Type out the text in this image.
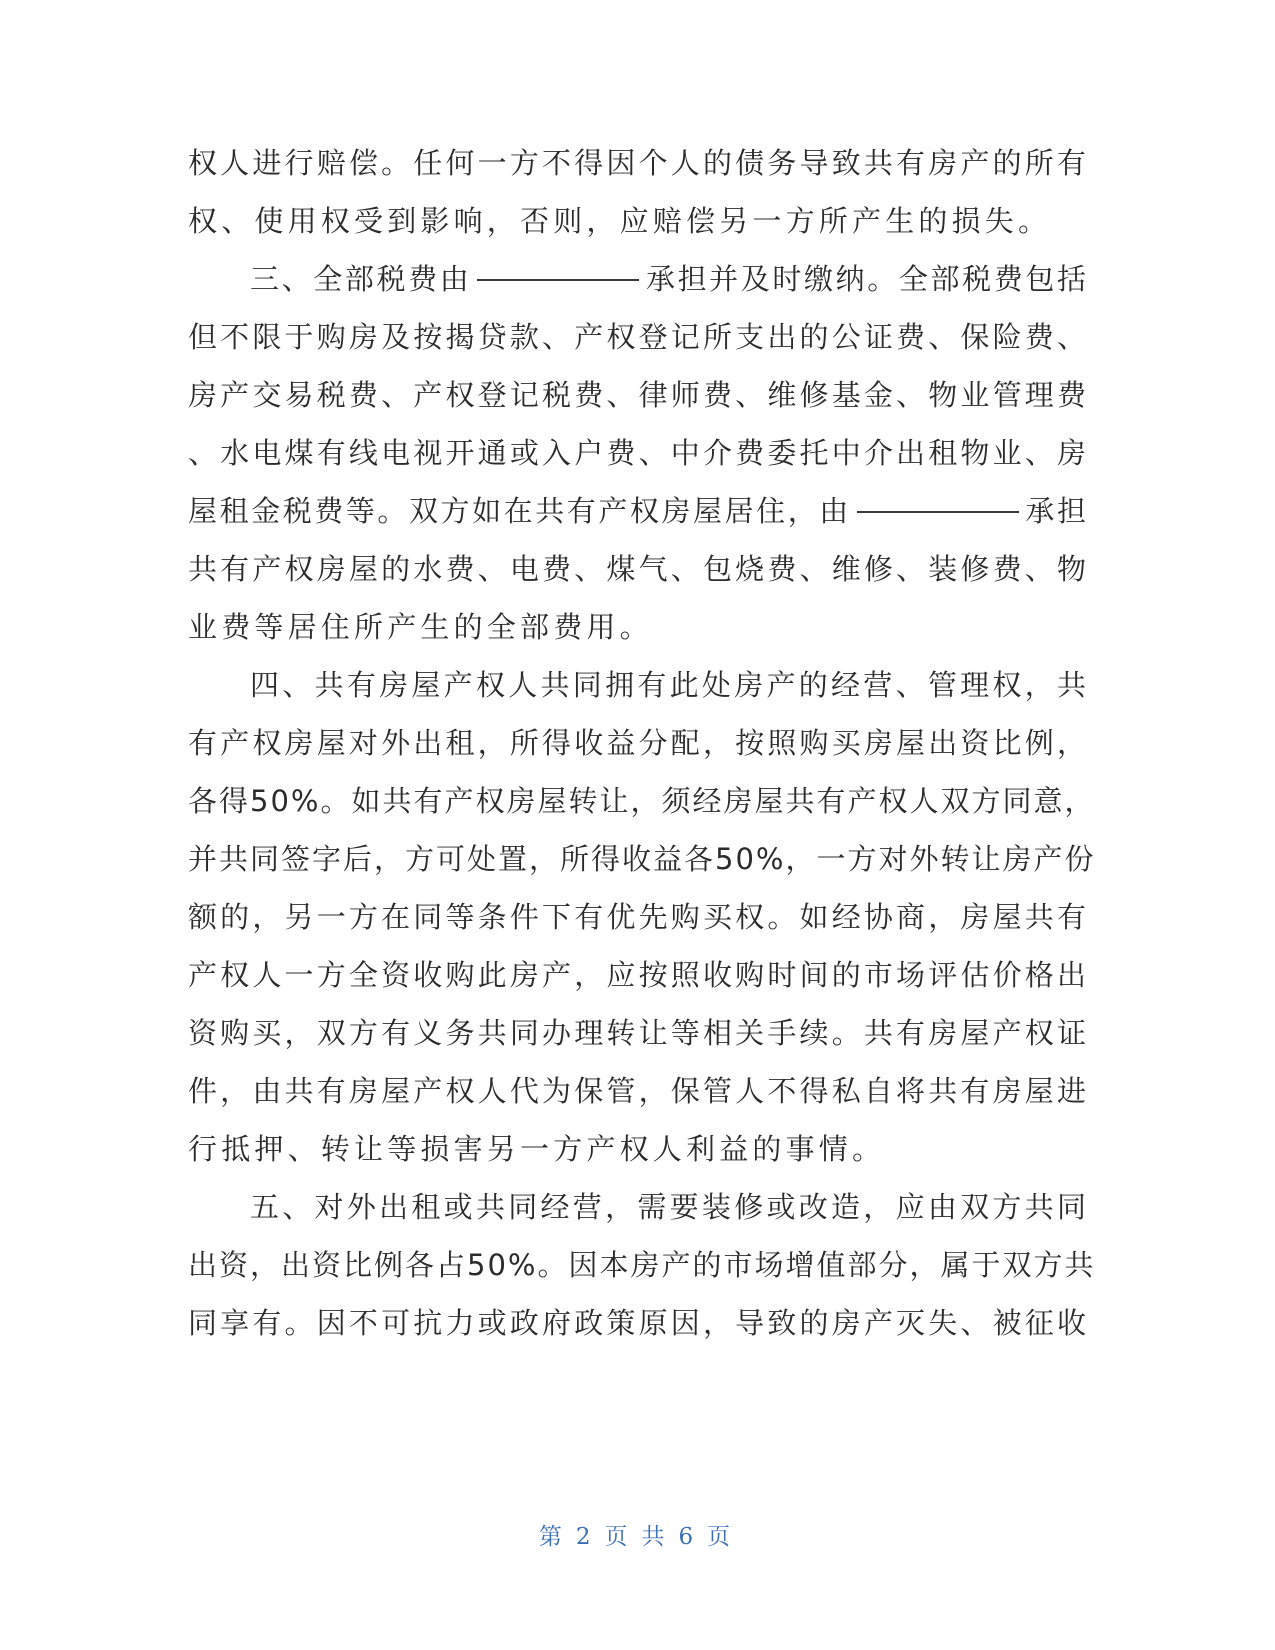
权人进行赔偿。任何一方不得因个人的债务导致共有房产的所有
权、使用权受到影响，否则，应赔偿另一方所产生的损失。
三、全部税费由	承担并及时缴纳。全部税费包括
但不限于购房及按揭贷款、产权登记所支出的公证费、保险费、
房产交易税费、产权登记税费、律师费、维修基金、物业管理费
、水电煤有线电视开通或入户费、中介费委托中介出租物业、房
屋租金税费等。双方如在共有产权房屋居住，由	承担
共有产权房屋的水费、电费、煤气、包烧费、维修、装修费、物
业费等居住所产生的全部费用。
四、共有房屋产权人共同拥有此处房产的经营、管理权，共
有产权房屋对外出租，所得收益分配，按照购买房屋出资比例，
各得50%。如共有产权房屋转让，须经房屋共有产权人双方同意，
并共同签字后，方可处置，所得收益各50%，一方对外转让房产份
额的，另一方在同等条件下有优先购买权。如经协商，房屋共有
产权人一方全资收购此房产，应按照收购时间的市场评估价格出
资购买，双方有义务共同办理转让等相关手续。共有房屋产权证
件，由共有房屋产权人代为保管，保管人不得私自将共有房屋进
行抵押、转让等损害另一方产权人利益的事情。
五、对外出租或共同经营，需要装修或改造，应由双方共同
出资，出资比例各占50%。因本房产的市场增值部分，属于双方共
同享有。因不可抗力或政府政策原因，导致的房产灭失、被征收
第 2 页 共 6 页
